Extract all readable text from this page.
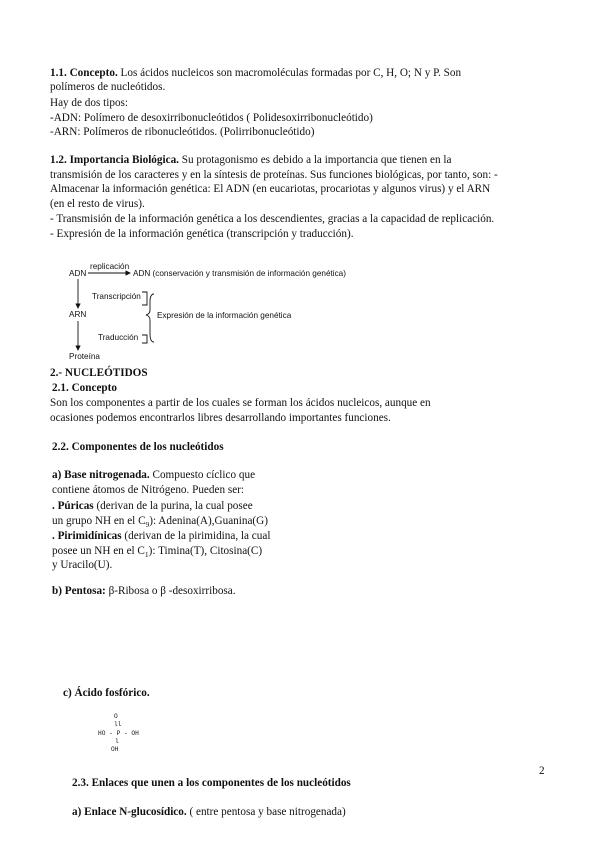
1.1. Concepto. Los ácidos nucleicos son macromoléculas formadas por C, H, O; N y P. Son
polímeros de nucleótidos.
Hay de dos tipos:
-ADN: Polímero de desoxirribonucleótidos ( Polidesoxirribonucleótido)
-ARN: Polímeros de ribonucleótidos. (Polirribonucleótido)
1.2. Importancia Biológica. Su protagonismo es debido a la importancia que tienen en la
transmisión de los caracteres y en la síntesis de proteínas. Sus funciones biológicas, por tanto, son: -
Almacenar la información genética: El ADN (en eucariotas, procariotas y algunos virus) y el ARN
(en el resto de virus).
- Transmisión de la información genética a los descendientes, gracias a la capacidad de replicación.
- Expresión de la información genética (transcripción y traducción).
replicación
ADN	ADN (conservación y transmisión de información genética)
Transcripción
ARN	Expresión de la información genética
Traducción
Proteína
2.- NUCLEÓTIDOS
2.1. Concepto
Son los componentes a partir de los cuales se forman los ácidos nucleicos, aunque en
ocasiones podemos encontrarlos libres desarrollando importantes funciones.
2.2. Componentes de los nucleótidos
a) Base nitrogenada. Compuesto cíclico que
contiene átomos de Nitrógeno. Pueden ser:
. Púricas (derivan de la purina, la cual posee
un grupo NH en el $C_9$): Adenina(A),Guanina(G)
. Pirimidínicas (derivan de la pirimidina, la cual
posee un NH en el $C_1$): Timina(T), Citosina(C)
y Uracilo(U).
b) Pentosa: β-Ribosa o β -desoxirribosa.
c) Ácido fosfórico.
O
ll
HO - P - OH
l
OH
2
2.3. Enlaces que unen a los componentes de los nucleótidos
a) Enlace N-glucosídico. ( entre pentosa y base nitrogenada)
